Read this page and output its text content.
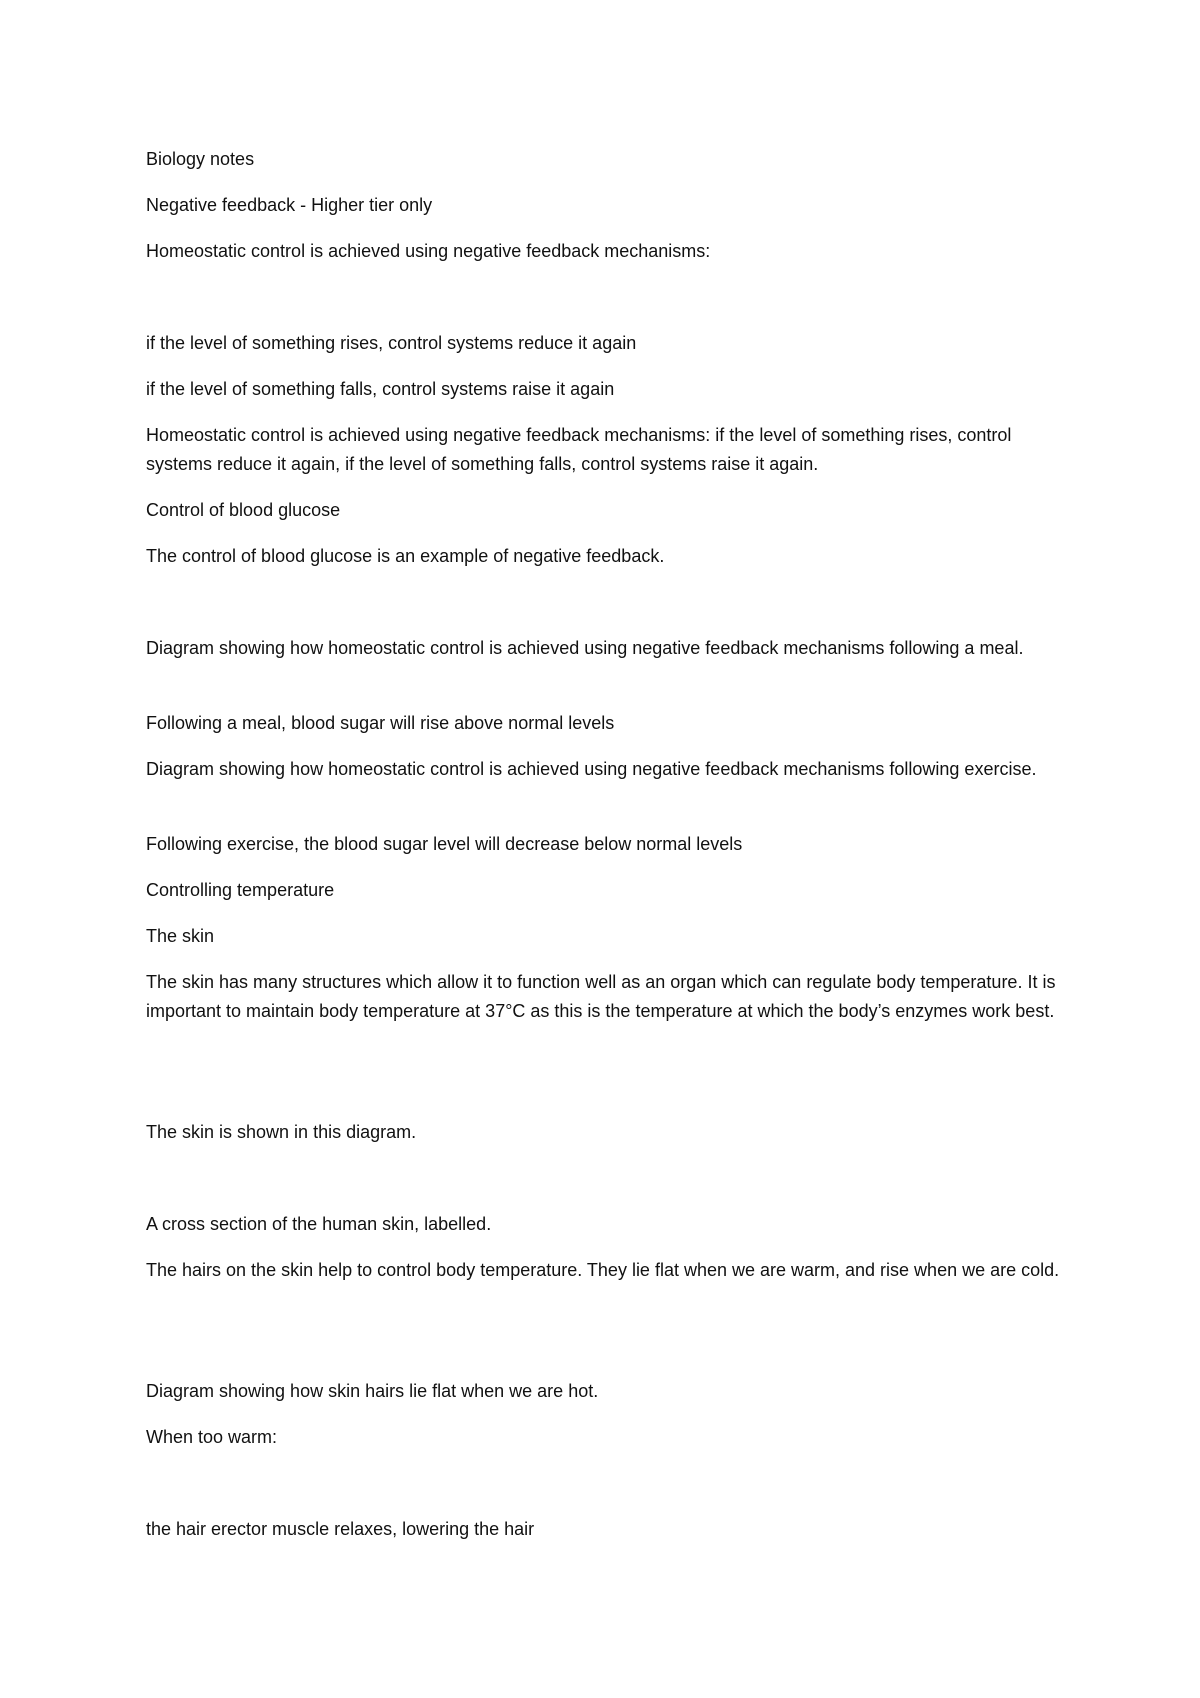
Biology notes
Negative feedback - Higher tier only
Homeostatic control is achieved using negative feedback mechanisms:
if the level of something rises, control systems reduce it again
if the level of something falls, control systems raise it again
Homeostatic control is achieved using negative feedback mechanisms: if the level of something rises, control systems reduce it again, if the level of something falls, control systems raise it again.
Control of blood glucose
The control of blood glucose is an example of negative feedback.
Diagram showing how homeostatic control is achieved using negative feedback mechanisms following a meal.
Following a meal, blood sugar will rise above normal levels
Diagram showing how homeostatic control is achieved using negative feedback mechanisms following exercise.
Following exercise, the blood sugar level will decrease below normal levels
Controlling temperature
The skin
The skin has many structures which allow it to function well as an organ which can regulate body temperature. It is important to maintain body temperature at 37°C as this is the temperature at which the body’s enzymes work best.
The skin is shown in this diagram.
A cross section of the human skin, labelled.
The hairs on the skin help to control body temperature. They lie flat when we are warm, and rise when we are cold.
Diagram showing how skin hairs lie flat when we are hot.
When too warm:
the hair erector muscle relaxes, lowering the hair
